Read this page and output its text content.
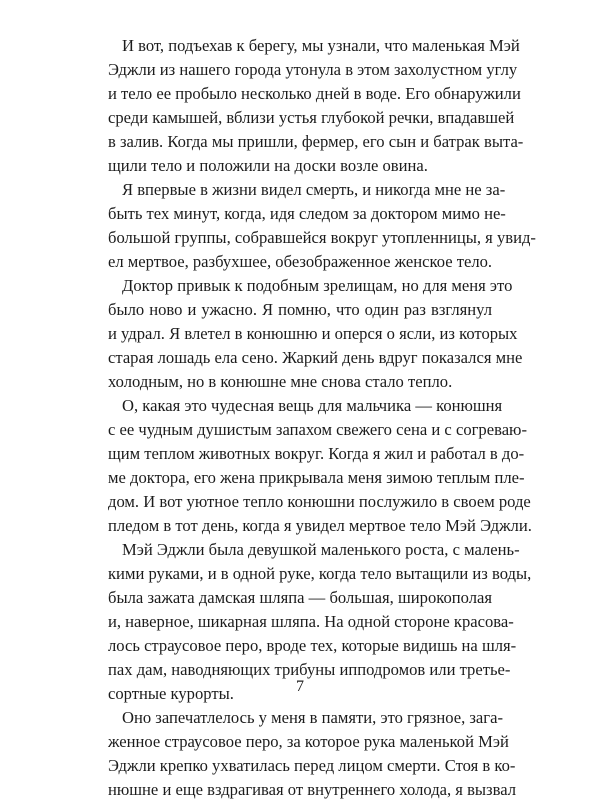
И вот, подъехав к берегу, мы узнали, что маленькая Мэй
Эджли из нашего города утонула в этом захолустном углу
и тело ее пробыло несколько дней в воде. Его обнаружили
среди камышей, вблизи устья глубокой речки, впадавшей
в залив. Когда мы пришли, фермер, его сын и батрак выта-
щили тело и положили на доски возле овина.
Я впервые в жизни видел смерть, и никогда мне не за-
быть тех минут, когда, идя следом за доктором мимо не-
большой группы, собравшейся вокруг утопленницы, я увид-
ел мертвое, разбухшее, обезображенное женское тело.
Доктор привык к подобным зрелищам, но для меня это
было ново и ужасно. Я помню, что один раз взглянул
и удрал. Я влетел в конюшню и оперся о ясли, из которых
старая лошадь ела сено. Жаркий день вдруг показался мне
холодным, но в конюшне мне снова стало тепло.
О, какая это чудесная вещь для мальчика — конюшня
с ее чудным душистым запахом свежего сена и с согреваю-
щим теплом животных вокруг. Когда я жил и работал в до-
ме доктора, его жена прикрывала меня зимою теплым пле-
дом. И вот уютное тепло конюшни послужило в своем роде
пледом в тот день, когда я увидел мертвое тело Мэй Эджли.
Мэй Эджли была девушкой маленького роста, с малень-
кими руками, и в одной руке, когда тело вытащили из воды,
была зажата дамская шляпа — большая, широкополая
и, наверное, шикарная шляпа. На одной стороне красова-
лось страусовое перо, вроде тех, которые видишь на шля-
пах дам, наводняющих трибуны ипподромов или третье-
сортные курорты.
Оно запечатлелось у меня в памяти, это грязное, зага-
женное страусовое перо, за которое рука маленькой Мэй
Эджли крепко ухватилась перед лицом смерти. Стоя в ко-
нюшне и еще вздрагивая от внутреннего холода, я вызвал
7
